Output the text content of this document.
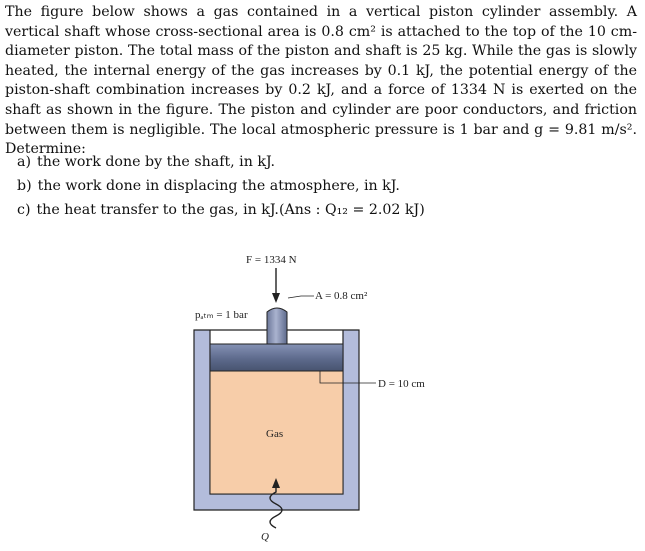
The figure below shows a gas contained in a vertical piston cylinder assembly. A vertical shaft whose cross-sectional area is 0.8 cm² is attached to the top of the 10 cm-diameter piston. The total mass of the piston and shaft is 25 kg. While the gas is slowly heated, the internal energy of the gas increases by 0.1 kJ, the potential energy of the piston-shaft combination increases by 0.2 kJ, and a force of 1334 N is exerted on the shaft as shown in the figure. The piston and cylinder are poor conductors, and friction between them is negligible. The local atmospheric pressure is 1 bar and g = 9.81 m/s². Determine:

a) the work done by the shaft, in kJ.
b) the work done in displacing the atmosphere, in kJ.
c) the heat transfer to the gas, in kJ.(Ans : Q₁₂ = 2.02 kJ)
F = 1334 N
A = 0.8 cm²
pₐₜₘ = 1 bar
D = 10 cm
Gas
Q
